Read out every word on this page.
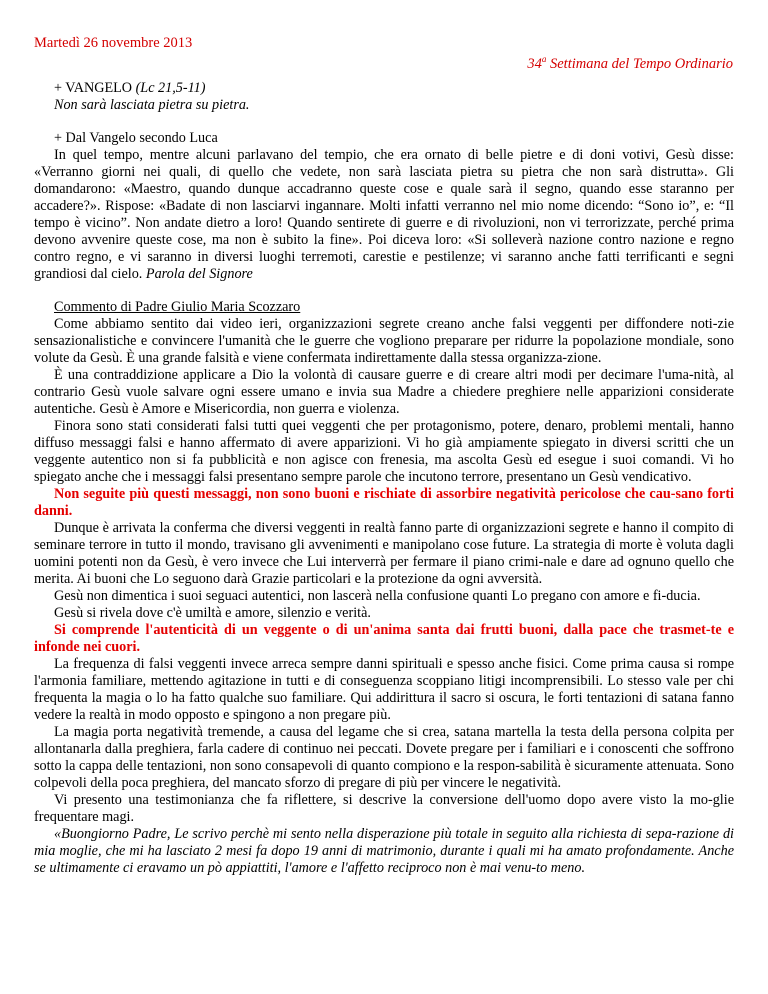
Martedì 26 novembre 2013
34$^a$ Settimana del Tempo Ordinario

+ VANGELO (Lc 21,5-11)

Non sarà lasciata pietra su pietra.

+ Dal Vangelo secondo Luca

In quel tempo, mentre alcuni parlavano del tempio, che era ornato di belle pietre e di doni votivi, Gesù disse: «Verranno giorni nei quali, di quello che vedete, non sarà lasciata pietra su pietra che non sarà distrutta». Gli domandarono: «Maestro, quando dunque accadranno queste cose e quale sarà il segno, quando esse staranno per accadere?». Rispose: «Badate di non lasciarvi ingannare. Molti infatti verranno nel mio nome dicendo: “Sono io”, e: “Il tempo è vicino”. Non andate dietro a loro! Quando sentirete di guerre e di rivoluzioni, non vi terrorizzate, perché prima devono avvenire queste cose, ma non è subito la fine». Poi diceva loro: «Si solleverà nazione contro nazione e regno contro regno, e vi saranno in diversi luoghi terremoti, carestie e pestilenze; vi saranno anche fatti terrificanti e segni grandiosi dal cielo. Parola del Signore

Commento di Padre Giulio Maria Scozzaro

Come abbiamo sentito dai video ieri, organizzazioni segrete creano anche falsi veggenti per diffondere noti-zie sensazionalistiche e convincere l'umanità che le guerre che vogliono preparare per ridurre la popolazione mondiale, sono volute da Gesù. È una grande falsità e viene confermata indirettamente dalla stessa organizza-zione.

È una contraddizione applicare a Dio la volontà di causare guerre e di creare altri modi per decimare l'uma-nità, al contrario Gesù vuole salvare ogni essere umano e invia sua Madre a chiedere preghiere nelle apparizioni considerate autentiche. Gesù è Amore e Misericordia, non guerra e violenza.

Finora sono stati considerati falsi tutti quei veggenti che per protagonismo, potere, denaro, problemi mentali, hanno diffuso messaggi falsi e hanno affermato di avere apparizioni. Vi ho già ampiamente spiegato in diversi scritti che un veggente autentico non si fa pubblicità e non agisce con frenesia, ma ascolta Gesù ed esegue i suoi comandi. Vi ho spiegato anche che i messaggi falsi presentano sempre parole che incutono terrore, presentano un Gesù vendicativo.

Non seguite più questi messaggi, non sono buoni e rischiate di assorbire negatività pericolose che cau-sano forti danni.

Dunque è arrivata la conferma che diversi veggenti in realtà fanno parte di organizzazioni segrete e hanno il compito di seminare terrore in tutto il mondo, travisano gli avvenimenti e manipolano cose future. La strategia di morte è voluta dagli uomini potenti non da Gesù, è vero invece che Lui interverrà per fermare il piano crimi-nale e dare ad ognuno quello che merita. Ai buoni che Lo seguono darà Grazie particolari e la protezione da ogni avversità.

Gesù non dimentica i suoi seguaci autentici, non lascerà nella confusione quanti Lo pregano con amore e fi-ducia.

Gesù si rivela dove c'è umiltà e amore, silenzio e verità.

Si comprende l'autenticità di un veggente o di un'anima santa dai frutti buoni, dalla pace che trasmet-te e infonde nei cuori.

La frequenza di falsi veggenti invece arreca sempre danni spirituali e spesso anche fisici. Come prima causa si rompe l'armonia familiare, mettendo agitazione in tutti e di conseguenza scoppiano litigi incomprensibili. Lo stesso vale per chi frequenta la magia o lo ha fatto qualche suo familiare. Qui addirittura il sacro si oscura, le forti tentazioni di satana fanno vedere la realtà in modo opposto e spingono a non pregare più.

La magia porta negatività tremende, a causa del legame che si crea, satana martella la testa della persona colpita per allontanarla dalla preghiera, farla cadere di continuo nei peccati. Dovete pregare per i familiari e i conoscenti che soffrono sotto la cappa delle tentazioni, non sono consapevoli di quanto compiono e la respon-sabilità è sicuramente attenuata. Sono colpevoli della poca preghiera, del mancato sforzo di pregare di più per vincere le negatività.

Vi presento una testimonianza che fa riflettere, si descrive la conversione dell'uomo dopo avere visto la mo-glie frequentare magi.

«Buongiorno Padre, Le scrivo perchè mi sento nella disperazione più totale in seguito alla richiesta di sepa-razione di mia moglie, che mi ha lasciato 2 mesi fa dopo 19 anni di matrimonio, durante i quali mi ha amato profondamente. Anche se ultimamente ci eravamo un pò appiattiti, l'amore e l'affetto reciproco non è mai venu-to meno.
